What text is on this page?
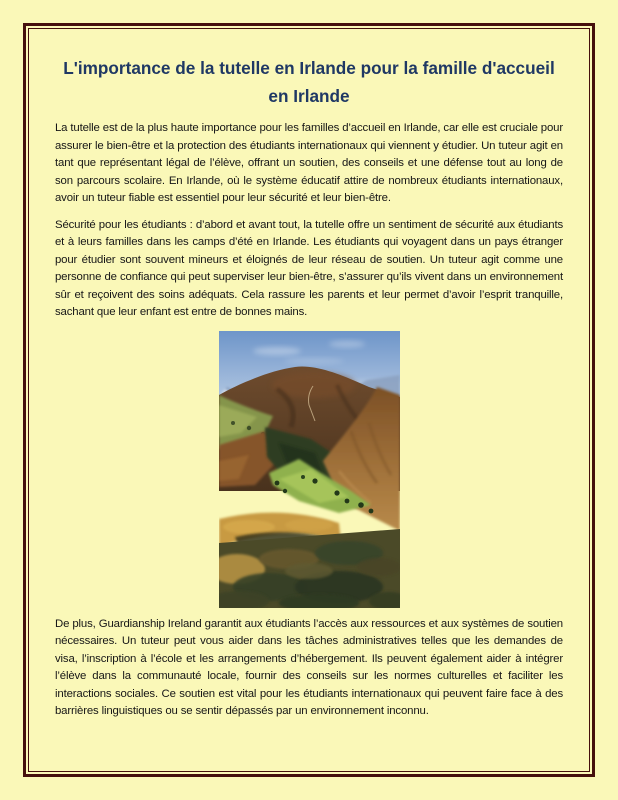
L'importance de la tutelle en Irlande pour la famille d'accueil en Irlande

La tutelle est de la plus haute importance pour les familles d’accueil en Irlande, car elle est cruciale pour assurer le bien-être et la protection des étudiants internationaux qui viennent y étudier. Un tuteur agit en tant que représentant légal de l’élève, offrant un soutien, des conseils et une défense tout au long de son parcours scolaire. En Irlande, où le système éducatif attire de nombreux étudiants internationaux, avoir un tuteur fiable est essentiel pour leur sécurité et leur bien-être.

Sécurité pour les étudiants : d’abord et avant tout, la tutelle offre un sentiment de sécurité aux étudiants et à leurs familles dans les camps d’été en Irlande. Les étudiants qui voyagent dans un pays étranger pour étudier sont souvent mineurs et éloignés de leur réseau de soutien. Un tuteur agit comme une personne de confiance qui peut superviser leur bien-être, s’assurer qu’ils vivent dans un environnement sûr et reçoivent des soins adéquats. Cela rassure les parents et leur permet d’avoir l’esprit tranquille, sachant que leur enfant est entre de bonnes mains.

De plus, Guardianship Ireland garantit aux étudiants l’accès aux ressources et aux systèmes de soutien nécessaires. Un tuteur peut vous aider dans les tâches administratives telles que les demandes de visa, l’inscription à l’école et les arrangements d’hébergement. Ils peuvent également aider à intégrer l’élève dans la communauté locale, fournir des conseils sur les normes culturelles et faciliter les interactions sociales. Ce soutien est vital pour les étudiants internationaux qui peuvent faire face à des barrières linguistiques ou se sentir dépassés par un environnement inconnu.
